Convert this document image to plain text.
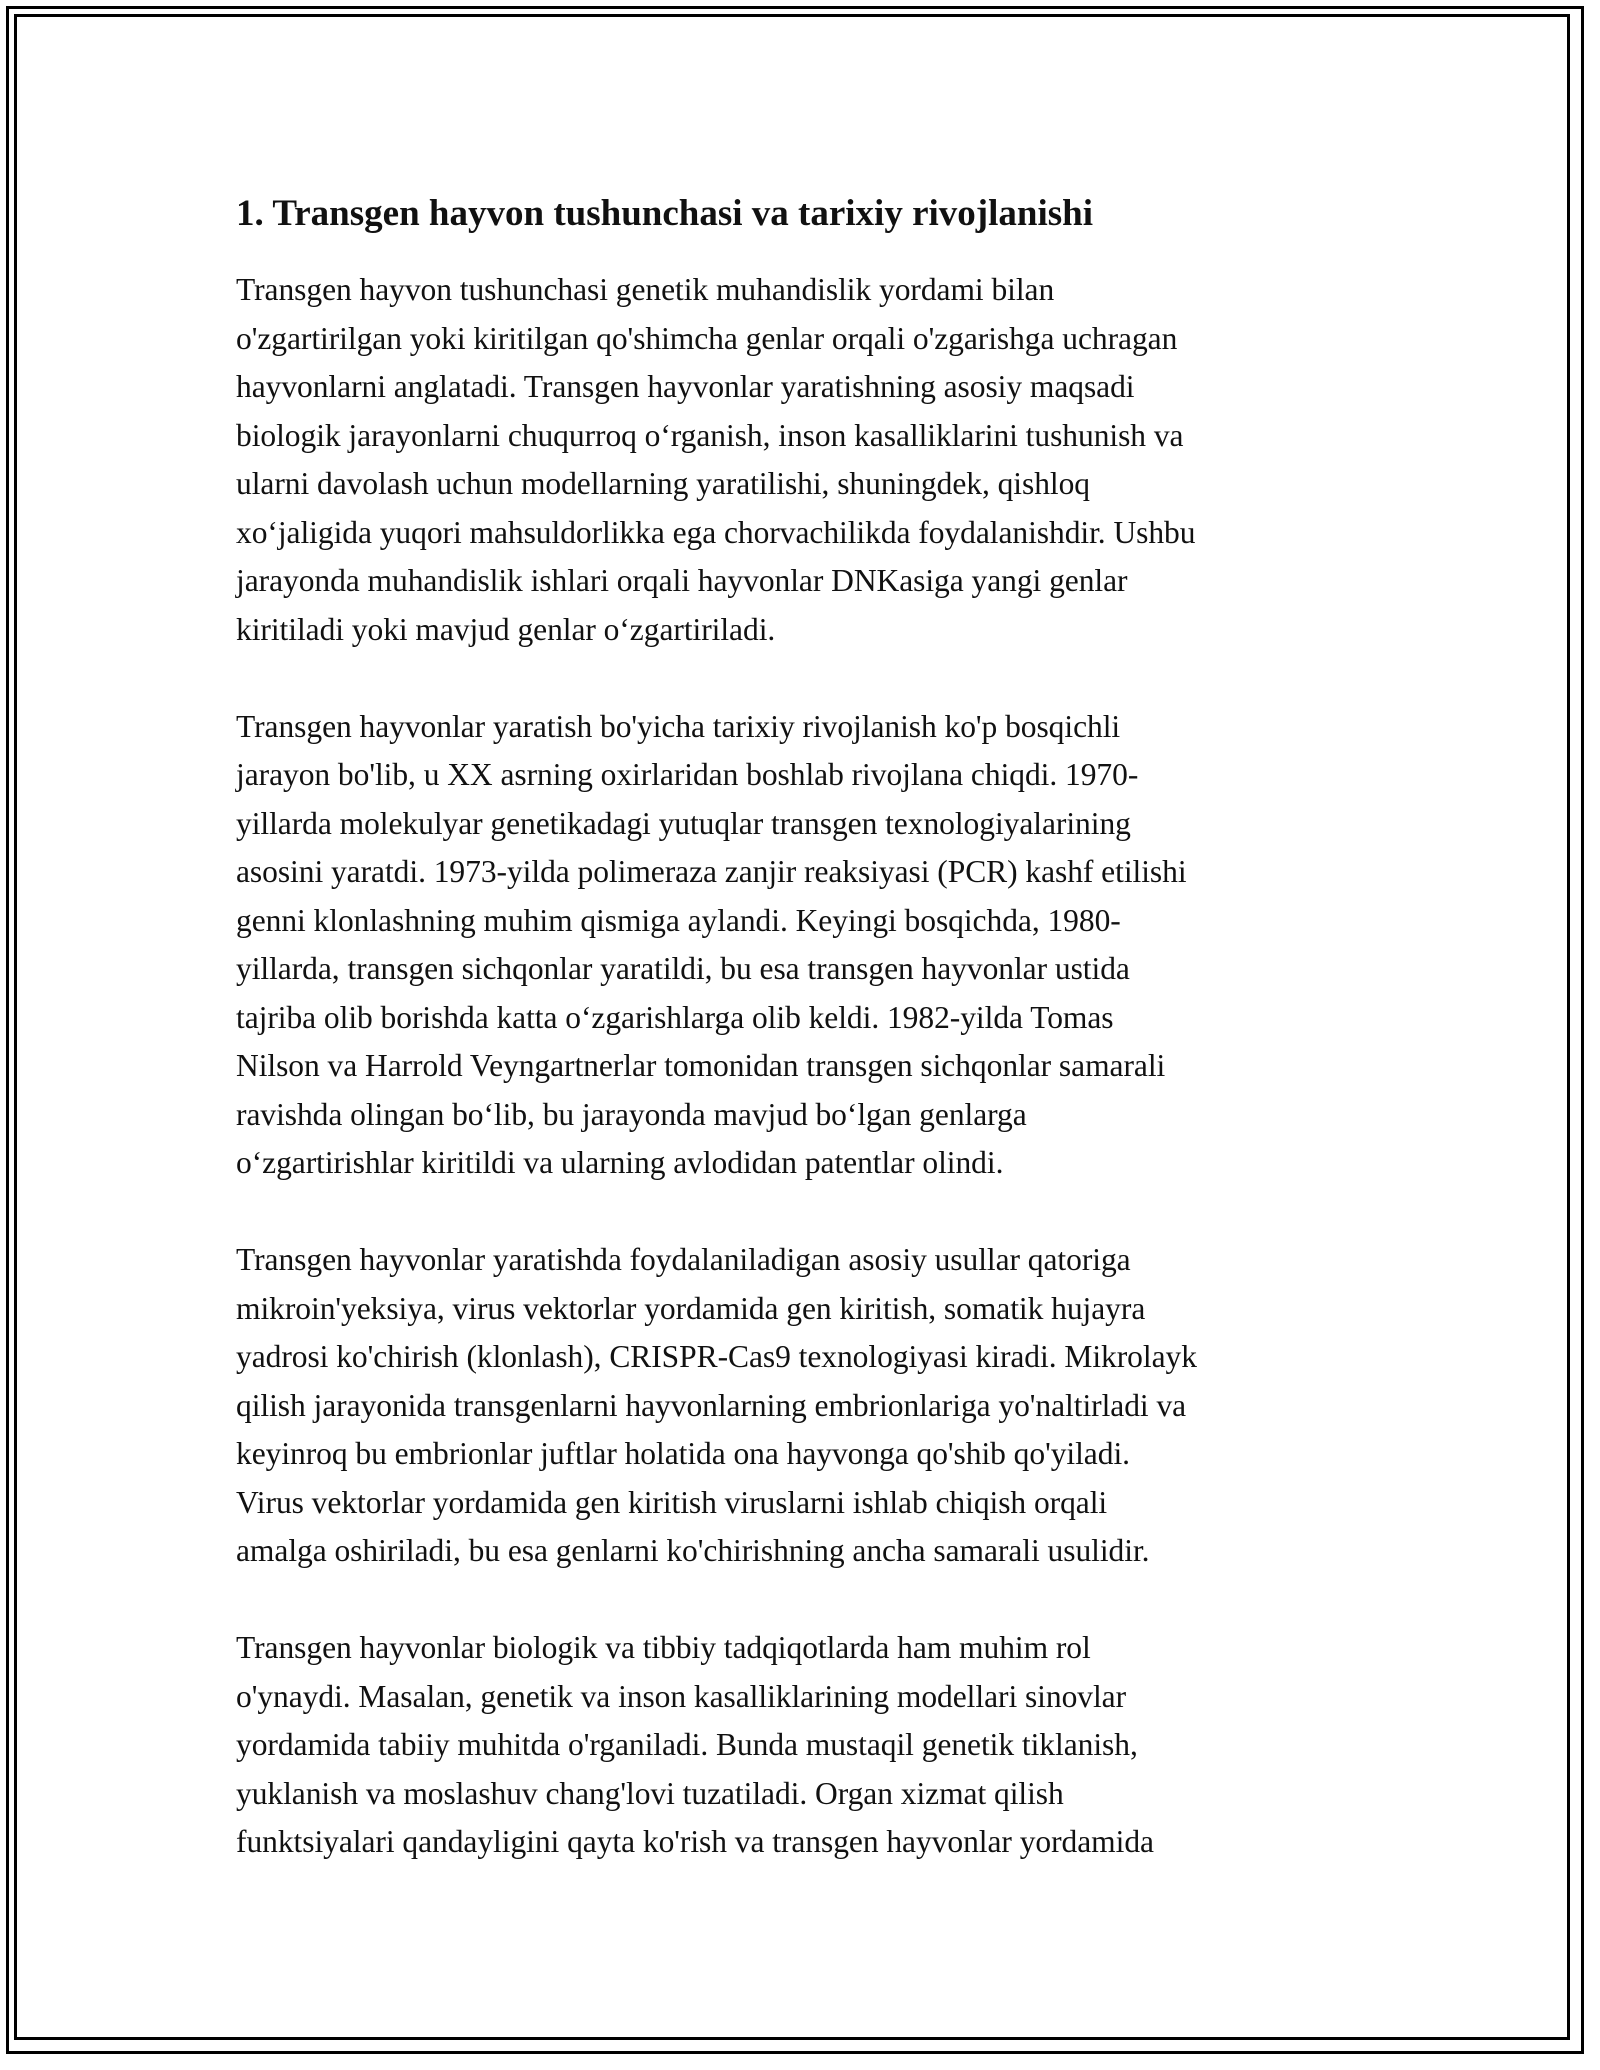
1. Transgen hayvon tushunchasi va tarixiy rivojlanishi

Transgen hayvon tushunchasi genetik muhandislik yordami bilan
o'zgartirilgan yoki kiritilgan qo'shimcha genlar orqali o'zgarishga uchragan
hayvonlarni anglatadi. Transgen hayvonlar yaratishning asosiy maqsadi
biologik jarayonlarni chuqurroq o‘rganish, inson kasalliklarini tushunish va
ularni davolash uchun modellarning yaratilishi, shuningdek, qishloq
xo‘jaligida yuqori mahsuldorlikka ega chorvachilikda foydalanishdir. Ushbu
jarayonda muhandislik ishlari orqali hayvonlar DNKasiga yangi genlar
kiritiladi yoki mavjud genlar o‘zgartiriladi.

Transgen hayvonlar yaratish bo'yicha tarixiy rivojlanish ko'p bosqichli
jarayon bo'lib, u XX asrning oxirlaridan boshlab rivojlana chiqdi. 1970-
yillarda molekulyar genetikadagi yutuqlar transgen texnologiyalarining
asosini yaratdi. 1973-yilda polimeraza zanjir reaksiyasi (PCR) kashf etilishi
genni klonlashning muhim qismiga aylandi. Keyingi bosqichda, 1980-
yillarda, transgen sichqonlar yaratildi, bu esa transgen hayvonlar ustida
tajriba olib borishda katta o‘zgarishlarga olib keldi. 1982-yilda Tomas
Nilson va Harrold Veyngartnerlar tomonidan transgen sichqonlar samarali
ravishda olingan bo‘lib, bu jarayonda mavjud bo‘lgan genlarga
o‘zgartirishlar kiritildi va ularning avlodidan patentlar olindi.

Transgen hayvonlar yaratishda foydalaniladigan asosiy usullar qatoriga
mikroin'yeksiya, virus vektorlar yordamida gen kiritish, somatik hujayra
yadrosi ko'chirish (klonlash), CRISPR-Cas9 texnologiyasi kiradi. Mikrolayk
qilish jarayonida transgenlarni hayvonlarning embrionlariga yo'naltirladi va
keyinroq bu embrionlar juftlar holatida ona hayvonga qo'shib qo'yiladi.
Virus vektorlar yordamida gen kiritish viruslarni ishlab chiqish orqali
amalga oshiriladi, bu esa genlarni ko'chirishning ancha samarali usulidir.

Transgen hayvonlar biologik va tibbiy tadqiqotlarda ham muhim rol
o'ynaydi. Masalan, genetik va inson kasalliklarining modellari sinovlar
yordamida tabiiy muhitda o'rganiladi. Bunda mustaqil genetik tiklanish,
yuklanish va moslashuv chang'lovi tuzatiladi. Organ xizmat qilish
funktsiyalari qandayligini qayta ko'rish va transgen hayvonlar yordamida
